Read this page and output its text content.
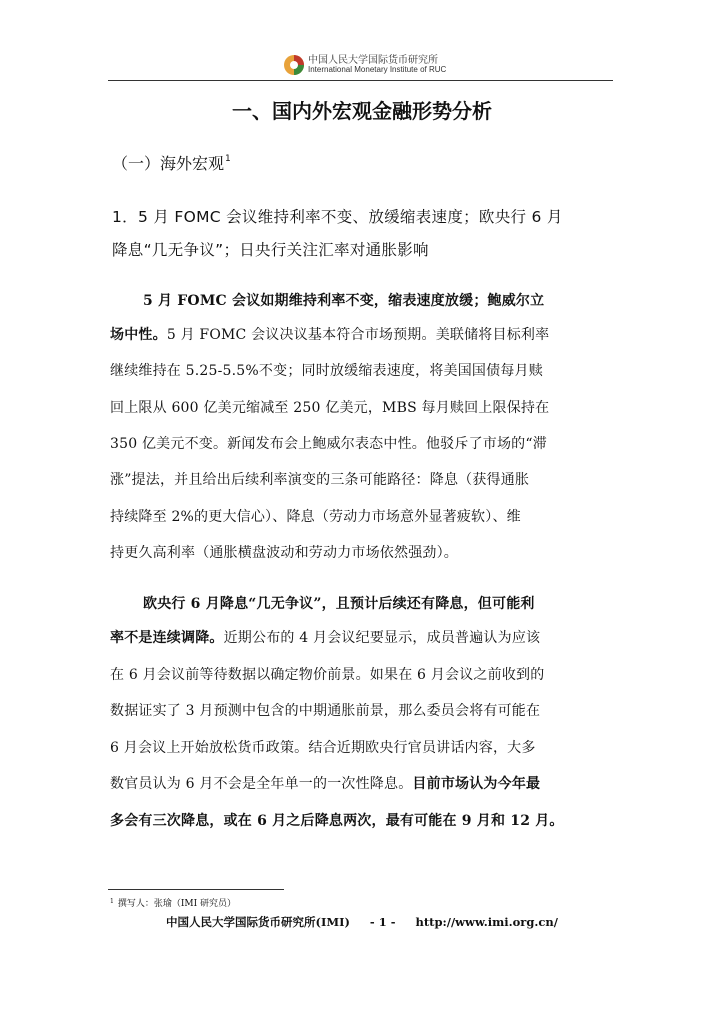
中国人民大学国际货币研究所
International Monetary Institute of RUC
一、国内外宏观金融形势分析
（一）海外宏观$^1$
1．5 月 FOMC 会议维持利率不变、放缓缩表速度；欧央行 6 月
降息“几无争议”；日央行关注汇率对通胀影响
5 月 FOMC 会议如期维持利率不变，缩表速度放缓；鲍威尔立
场中性。5 月 FOMC 会议决议基本符合市场预期。美联储将目标利率
继续维持在 5.25-5.5%不变；同时放缓缩表速度，将美国国债每月赎
回上限从 600 亿美元缩减至 250 亿美元，MBS 每月赎回上限保持在
350 亿美元不变。新闻发布会上鲍威尔表态中性。他驳斥了市场的“滞
涨”提法，并且给出后续利率演变的三条可能路径：降息（获得通胀
持续降至 2%的更大信心）、降息（劳动力市场意外显著疲软）、维
持更久高利率（通胀横盘波动和劳动力市场依然强劲）。
欧央行 6 月降息“几无争议”，且预计后续还有降息，但可能利
率不是连续调降。近期公布的 4 月会议纪要显示，成员普遍认为应该
在 6 月会议前等待数据以确定物价前景。如果在 6 月会议之前收到的
数据证实了 3 月预测中包含的中期通胀前景，那么委员会将有可能在
6 月会议上开始放松货币政策。结合近期欧央行官员讲话内容，大多
数官员认为 6 月不会是全年单一的一次性降息。目前市场认为今年最
多会有三次降息，或在 6 月之后降息两次，最有可能在 9 月和 12 月。
$^1$ 撰写人：张瑜（IMI 研究员）
中国人民大学国际货币研究所(IMI) - 1 - http://www.imi.org.cn/
